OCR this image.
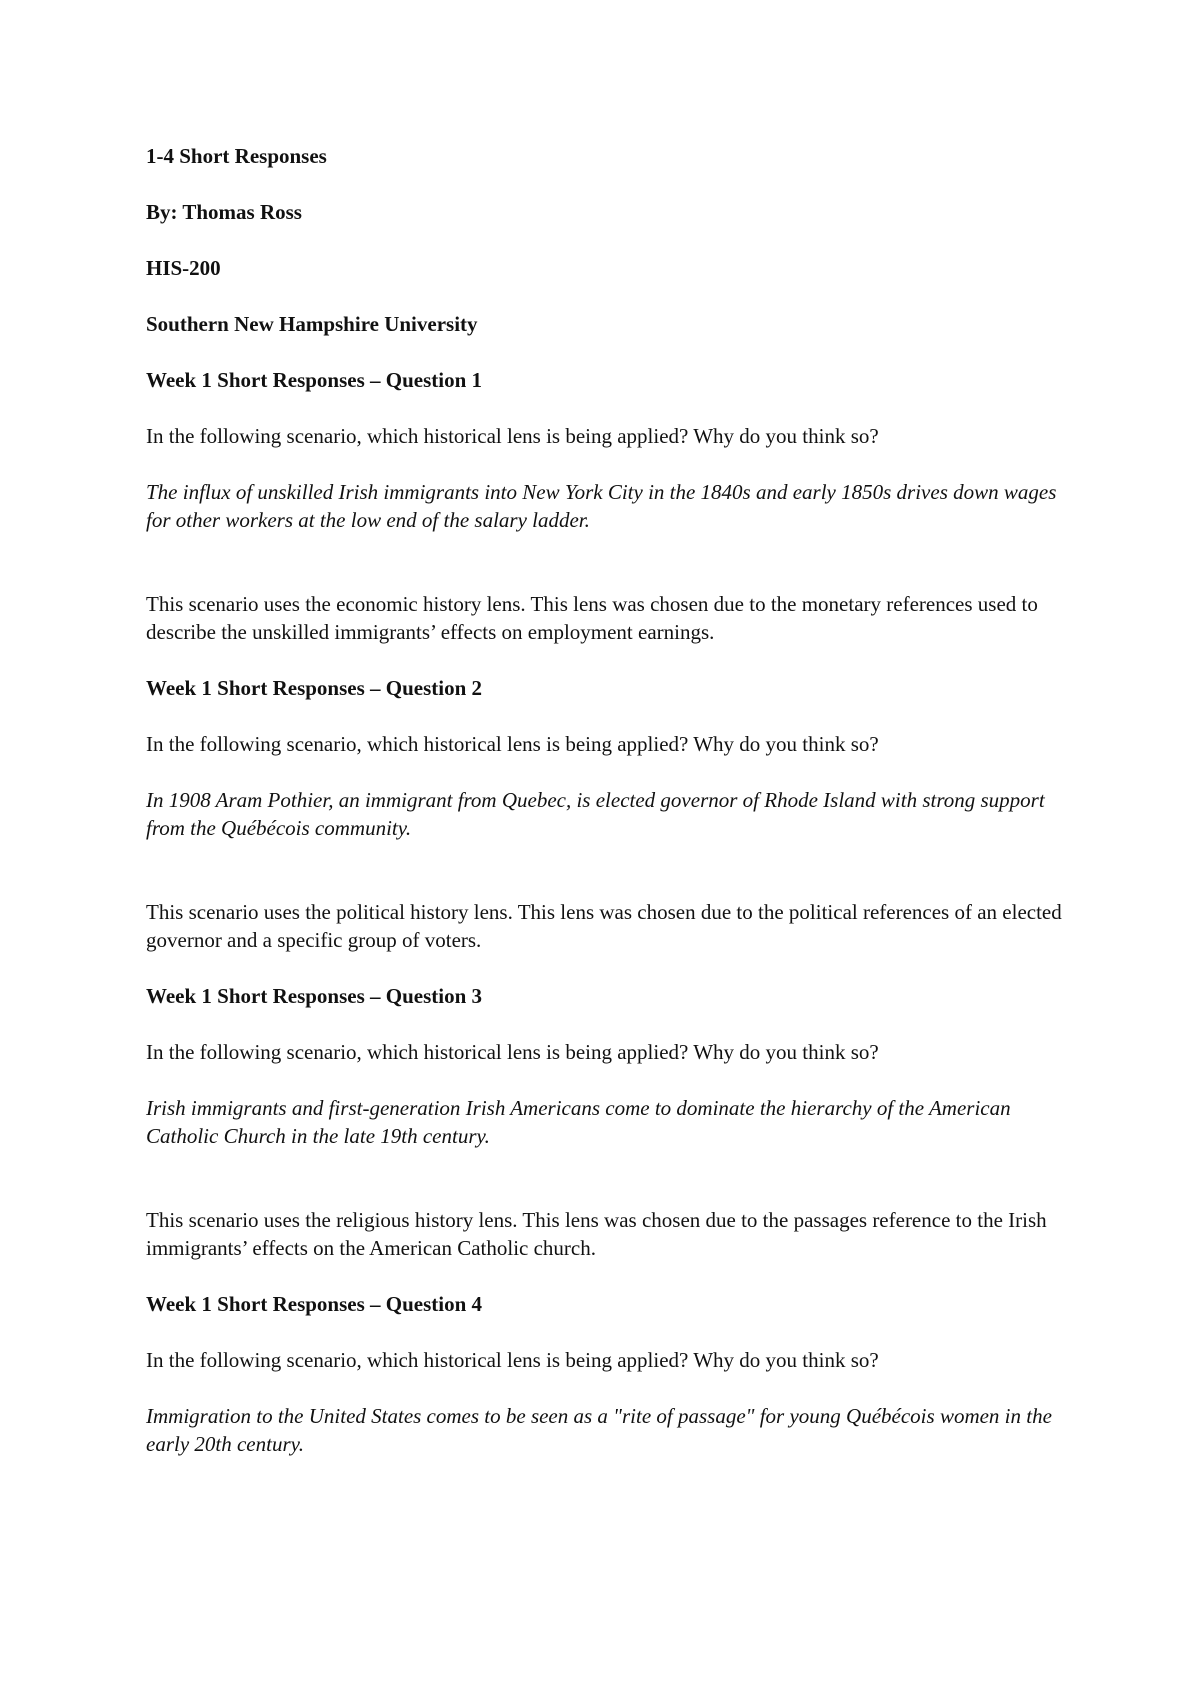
1-4 Short Responses

By: Thomas Ross

HIS-200

Southern New Hampshire University

Week 1 Short Responses – Question 1

In the following scenario, which historical lens is being applied? Why do you think so?

The influx of unskilled Irish immigrants into New York City in the 1840s and early 1850s drives down wages for other workers at the low end of the salary ladder.

This scenario uses the economic history lens. This lens was chosen due to the monetary references used to describe the unskilled immigrants’ effects on employment earnings.

Week 1 Short Responses – Question 2

In the following scenario, which historical lens is being applied? Why do you think so?

In 1908 Aram Pothier, an immigrant from Quebec, is elected governor of Rhode Island with strong support from the Québécois community.

This scenario uses the political history lens. This lens was chosen due to the political references of an elected governor and a specific group of voters.

Week 1 Short Responses – Question 3

In the following scenario, which historical lens is being applied? Why do you think so?

Irish immigrants and first-generation Irish Americans come to dominate the hierarchy of the American Catholic Church in the late 19th century.

This scenario uses the religious history lens. This lens was chosen due to the passages reference to the Irish immigrants’ effects on the American Catholic church.

Week 1 Short Responses – Question 4

In the following scenario, which historical lens is being applied? Why do you think so?

Immigration to the United States comes to be seen as a "rite of passage" for young Québécois women in the early 20th century.
